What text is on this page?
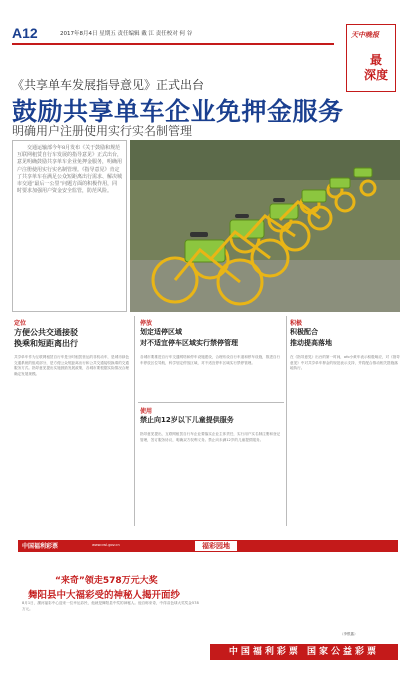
A12	2017年8月4日 星期五 责任编辑 戴 江 责任校对 何 谷	天中晚报
最
深度
《共享单车发展指导意见》正式出台
鼓励共享单车企业免押金服务
明确用户注册使用实行实名制管理

交通运输部今年8月发布《关于鼓励和规范互联网租赁自行车发展的指导意见》正式出台，意见明确鼓励共享单车企业免押金服务，明确用户注册使用实行实名制管理。《指导意见》肯定了共享单车在满足公众短距离出行需求、解决城市交通“最后一公里”问题方面的积极作用，同时要求加强用户资金安全监管，防范风险。

定位
方便公共交通接驳
换乘和短距离出行
共享单车作为互联网租赁自行车是分时租赁营运的非机动车，是城市绿色交通系统的组成部分，是方便公众短距离出行和公共交通接驳换乘的交通服务方式。指导意见提出实施鼓励发展政策，各城市要根据实际情况合理确定发展规模。
停放
划定适停区域
对不适宜停车区域实行禁停管理
各城市要推进自行车交通网络和停车设施建设，合理布设自行车道和停车设施，推进自行车停放区位导航，科学划定停放区域，对不适宜停车区域实行禁停管理。
使用
禁止向12岁以下儿童提供服务
指导意见提出，互联网租赁自行车企业要落实企业主体责任，实行用户实名制注册和登记管理，签订服务协议，明确双方权利义务。禁止向未满12岁的儿童提供服务。
积极
积极配合
推动提高落地
在《指导意见》出台的第一时间，ofo小黄车表示积极响应，对《指导意见》中对共享单车押金的规范表示支持，并将配合推动相关措施落地执行。
中国福利彩票	www.cwl.gov.cn	福彩园地
“来奇”领走578万元大奖
舞阳县中大福彩受的神秘人揭开面纱
8月1日，漯河福彩中心迎来一位幸运彩民，他就是舞阳县中奖的神秘人。他自称来奇，中得双色球大奖奖金578万元。
（李银鑫）
中国福利彩票 国家公益彩票
